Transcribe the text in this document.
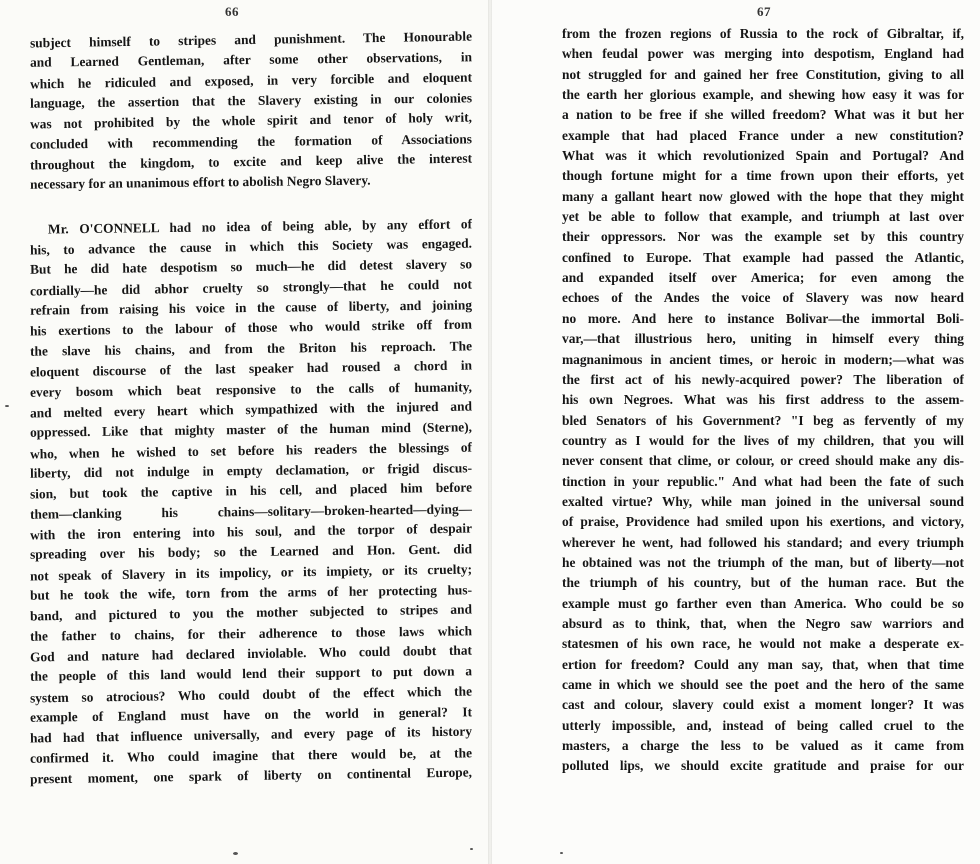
66
subject himself to stripes and punishment. The Honourable
and Learned Gentleman, after some other observations, in
which he ridiculed and exposed, in very forcible and eloquent
language, the assertion that the Slavery existing in our colonies
was not prohibited by the whole spirit and tenor of holy writ,
concluded with recommending the formation of Associations
throughout the kingdom, to excite and keep alive the interest
necessary for an unanimous effort to abolish Negro Slavery.
Mr. O'CONNELL had no idea of being able, by any effort of
his, to advance the cause in which this Society was engaged.
But he did hate despotism so much—he did detest slavery so
cordially—he did abhor cruelty so strongly—that he could not
refrain from raising his voice in the cause of liberty, and joining
his exertions to the labour of those who would strike off from
the slave his chains, and from the Briton his reproach. The
eloquent discourse of the last speaker had roused a chord in
every bosom which beat responsive to the calls of humanity,
and melted every heart which sympathized with the injured and
oppressed. Like that mighty master of the human mind (Sterne),
who, when he wished to set before his readers the blessings of
liberty, did not indulge in empty declamation, or frigid discus-
sion, but took the captive in his cell, and placed him before
them—clanking his chains—solitary—broken-hearted—dying—
with the iron entering into his soul, and the torpor of despair
spreading over his body; so the Learned and Hon. Gent. did
not speak of Slavery in its impolicy, or its impiety, or its cruelty;
but he took the wife, torn from the arms of her protecting hus-
band, and pictured to you the mother subjected to stripes and
the father to chains, for their adherence to those laws which
God and nature had declared inviolable. Who could doubt that
the people of this land would lend their support to put down a
system so atrocious? Who could doubt of the effect which the
example of England must have on the world in general? It
had had that influence universally, and every page of its history
confirmed it. Who could imagine that there would be, at the
present moment, one spark of liberty on continental Europe,
67
from the frozen regions of Russia to the rock of Gibraltar, if,
when feudal power was merging into despotism, England had
not struggled for and gained her free Constitution, giving to all
the earth her glorious example, and shewing how easy it was for
a nation to be free if she willed freedom? What was it but her
example that had placed France under a new constitution?
What was it which revolutionized Spain and Portugal? And
though fortune might for a time frown upon their efforts, yet
many a gallant heart now glowed with the hope that they might
yet be able to follow that example, and triumph at last over
their oppressors. Nor was the example set by this country
confined to Europe. That example had passed the Atlantic,
and expanded itself over America; for even among the
echoes of the Andes the voice of Slavery was now heard
no more. And here to instance Bolivar—the immortal Boli-
var,—that illustrious hero, uniting in himself every thing
magnanimous in ancient times, or heroic in modern;—what was
the first act of his newly-acquired power? The liberation of
his own Negroes. What was his first address to the assem-
bled Senators of his Government? "I beg as fervently of my
country as I would for the lives of my children, that you will
never consent that clime, or colour, or creed should make any dis-
tinction in your republic." And what had been the fate of such
exalted virtue? Why, while man joined in the universal sound
of praise, Providence had smiled upon his exertions, and victory,
wherever he went, had followed his standard; and every triumph
he obtained was not the triumph of the man, but of liberty—not
the triumph of his country, but of the human race. But the
example must go farther even than America. Who could be so
absurd as to think, that, when the Negro saw warriors and
statesmen of his own race, he would not make a desperate ex-
ertion for freedom? Could any man say, that, when that time
came in which we should see the poet and the hero of the same
cast and colour, slavery could exist a moment longer? It was
utterly impossible, and, instead of being called cruel to the
masters, a charge the less to be valued as it came from
polluted lips, we should excite gratitude and praise for our
